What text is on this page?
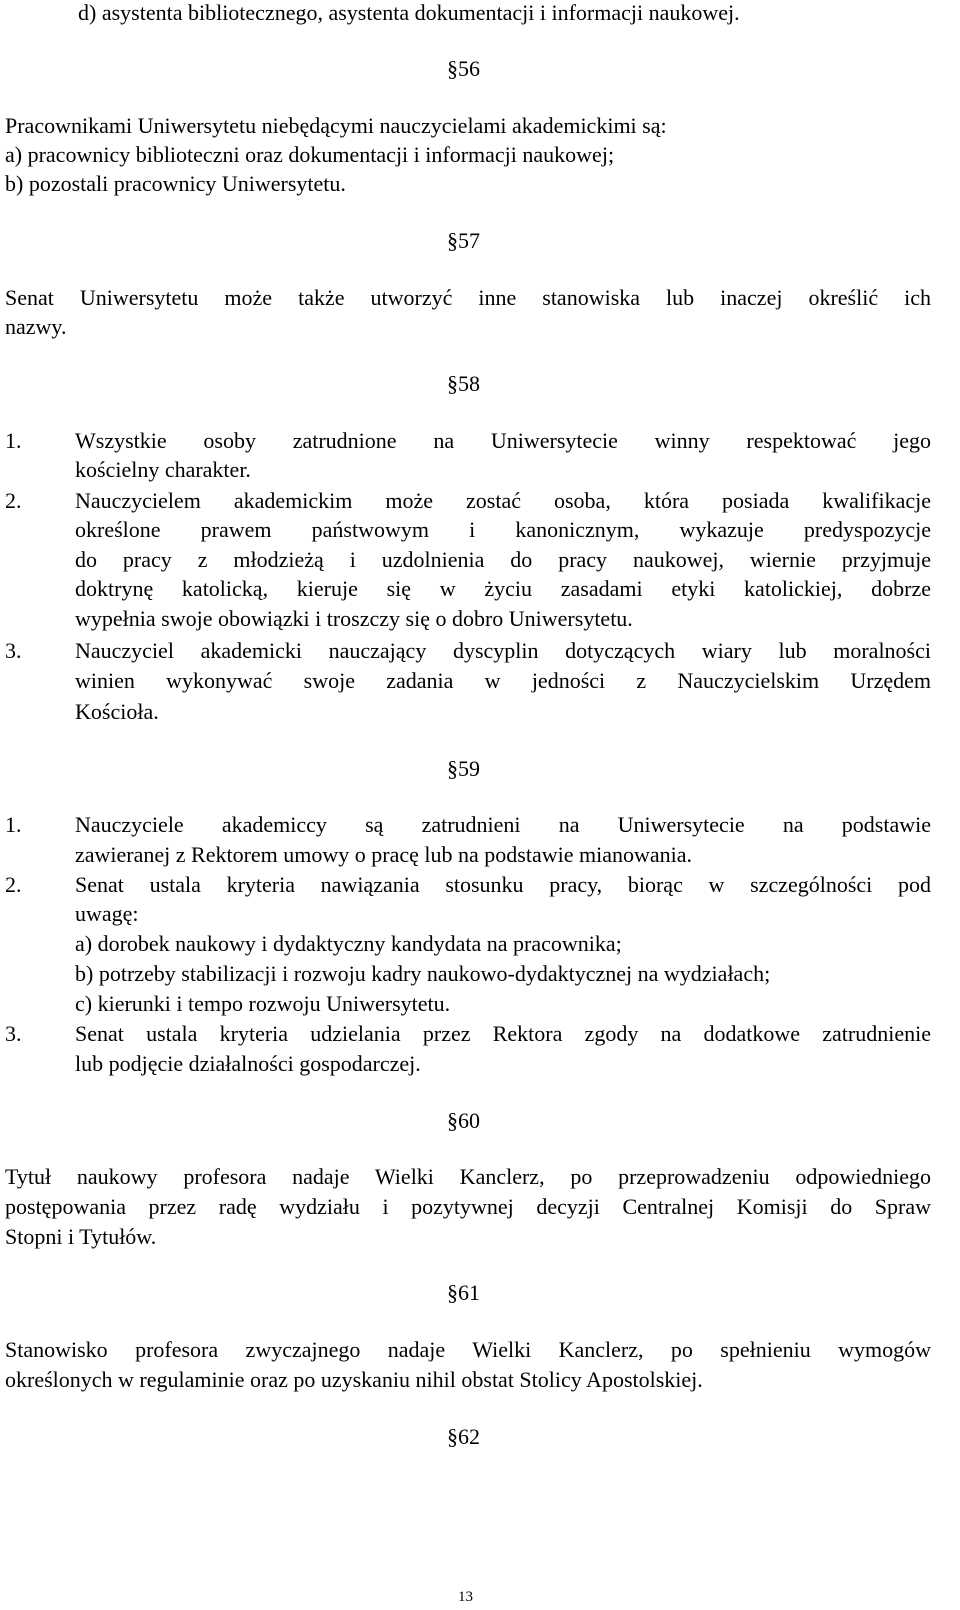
d) asystenta bibliotecznego, asystenta dokumentacji i informacji naukowej.
§56
Pracownikami Uniwersytetu niebędącymi nauczycielami akademickimi są:
a) pracownicy biblioteczni oraz dokumentacji i informacji naukowej;
b) pozostali pracownicy Uniwersytetu.
§57
Senat Uniwersytetu może także utworzyć inne stanowiska lub inaczej określić ich
nazwy.
§58
1. Wszystkie osoby zatrudnione na Uniwersytecie winny respektować jego
kościelny charakter.
2. Nauczycielem akademickim może zostać osoba, która posiada kwalifikacje
określone prawem państwowym i kanonicznym, wykazuje predyspozycje
do pracy z młodzieżą i uzdolnienia do pracy naukowej, wiernie przyjmuje
doktrynę katolicką, kieruje się w życiu zasadami etyki katolickiej, dobrze
wypełnia swoje obowiązki i troszczy się o dobro Uniwersytetu.
3. Nauczyciel akademicki nauczający dyscyplin dotyczących wiary lub moralności
winien wykonywać swoje zadania w jedności z Nauczycielskim Urzędem
Kościoła.
§59
1. Nauczyciele akademiccy są zatrudnieni na Uniwersytecie na podstawie
zawieranej z Rektorem umowy o pracę lub na podstawie mianowania.
2. Senat ustala kryteria nawiązania stosunku pracy, biorąc w szczególności pod
uwagę:
a) dorobek naukowy i dydaktyczny kandydata na pracownika;
b) potrzeby stabilizacji i rozwoju kadry naukowo-dydaktycznej na wydziałach;
c) kierunki i tempo rozwoju Uniwersytetu.
3. Senat ustala kryteria udzielania przez Rektora zgody na dodatkowe zatrudnienie
lub podjęcie działalności gospodarczej.
§60
Tytuł naukowy profesora nadaje Wielki Kanclerz, po przeprowadzeniu odpowiedniego
postępowania przez radę wydziału i pozytywnej decyzji Centralnej Komisji do Spraw
Stopni i Tytułów.
§61
Stanowisko profesora zwyczajnego nadaje Wielki Kanclerz, po spełnieniu wymogów
określonych w regulaminie oraz po uzyskaniu nihil obstat Stolicy Apostolskiej.
§62
13
